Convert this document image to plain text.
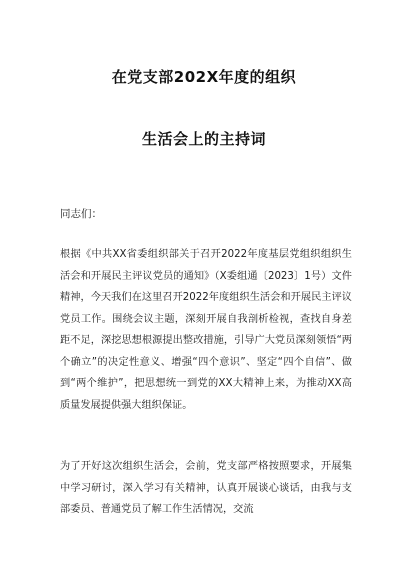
在党支部202X年度的组织
生活会上的主持词
同志们：
根据《中共XX省委组织部关于召开2022年度基层党组织组织生活会和开展民主评议党员的通知》（X委组通〔2023〕1号）文件精神，今天我们在这里召开2022年度组织生活会和开展民主评议党员工作。围绕会议主题，深刻开展自我剖析检视，查找自身差距不足，深挖思想根源提出整改措施，引导广大党员深刻领悟“两个确立”的决定性意义、增强“四个意识”、坚定“四个自信”、做到“两个维护”，把思想统一到党的XX大精神上来，为推动XX高质量发展提供强大组织保证。
为了开好这次组织生活会，会前，党支部严格按照要求，开展集中学习研讨，深入学习有关精神，认真开展谈心谈话，由我与支部委员、普通党员了解工作生活情况，交流
